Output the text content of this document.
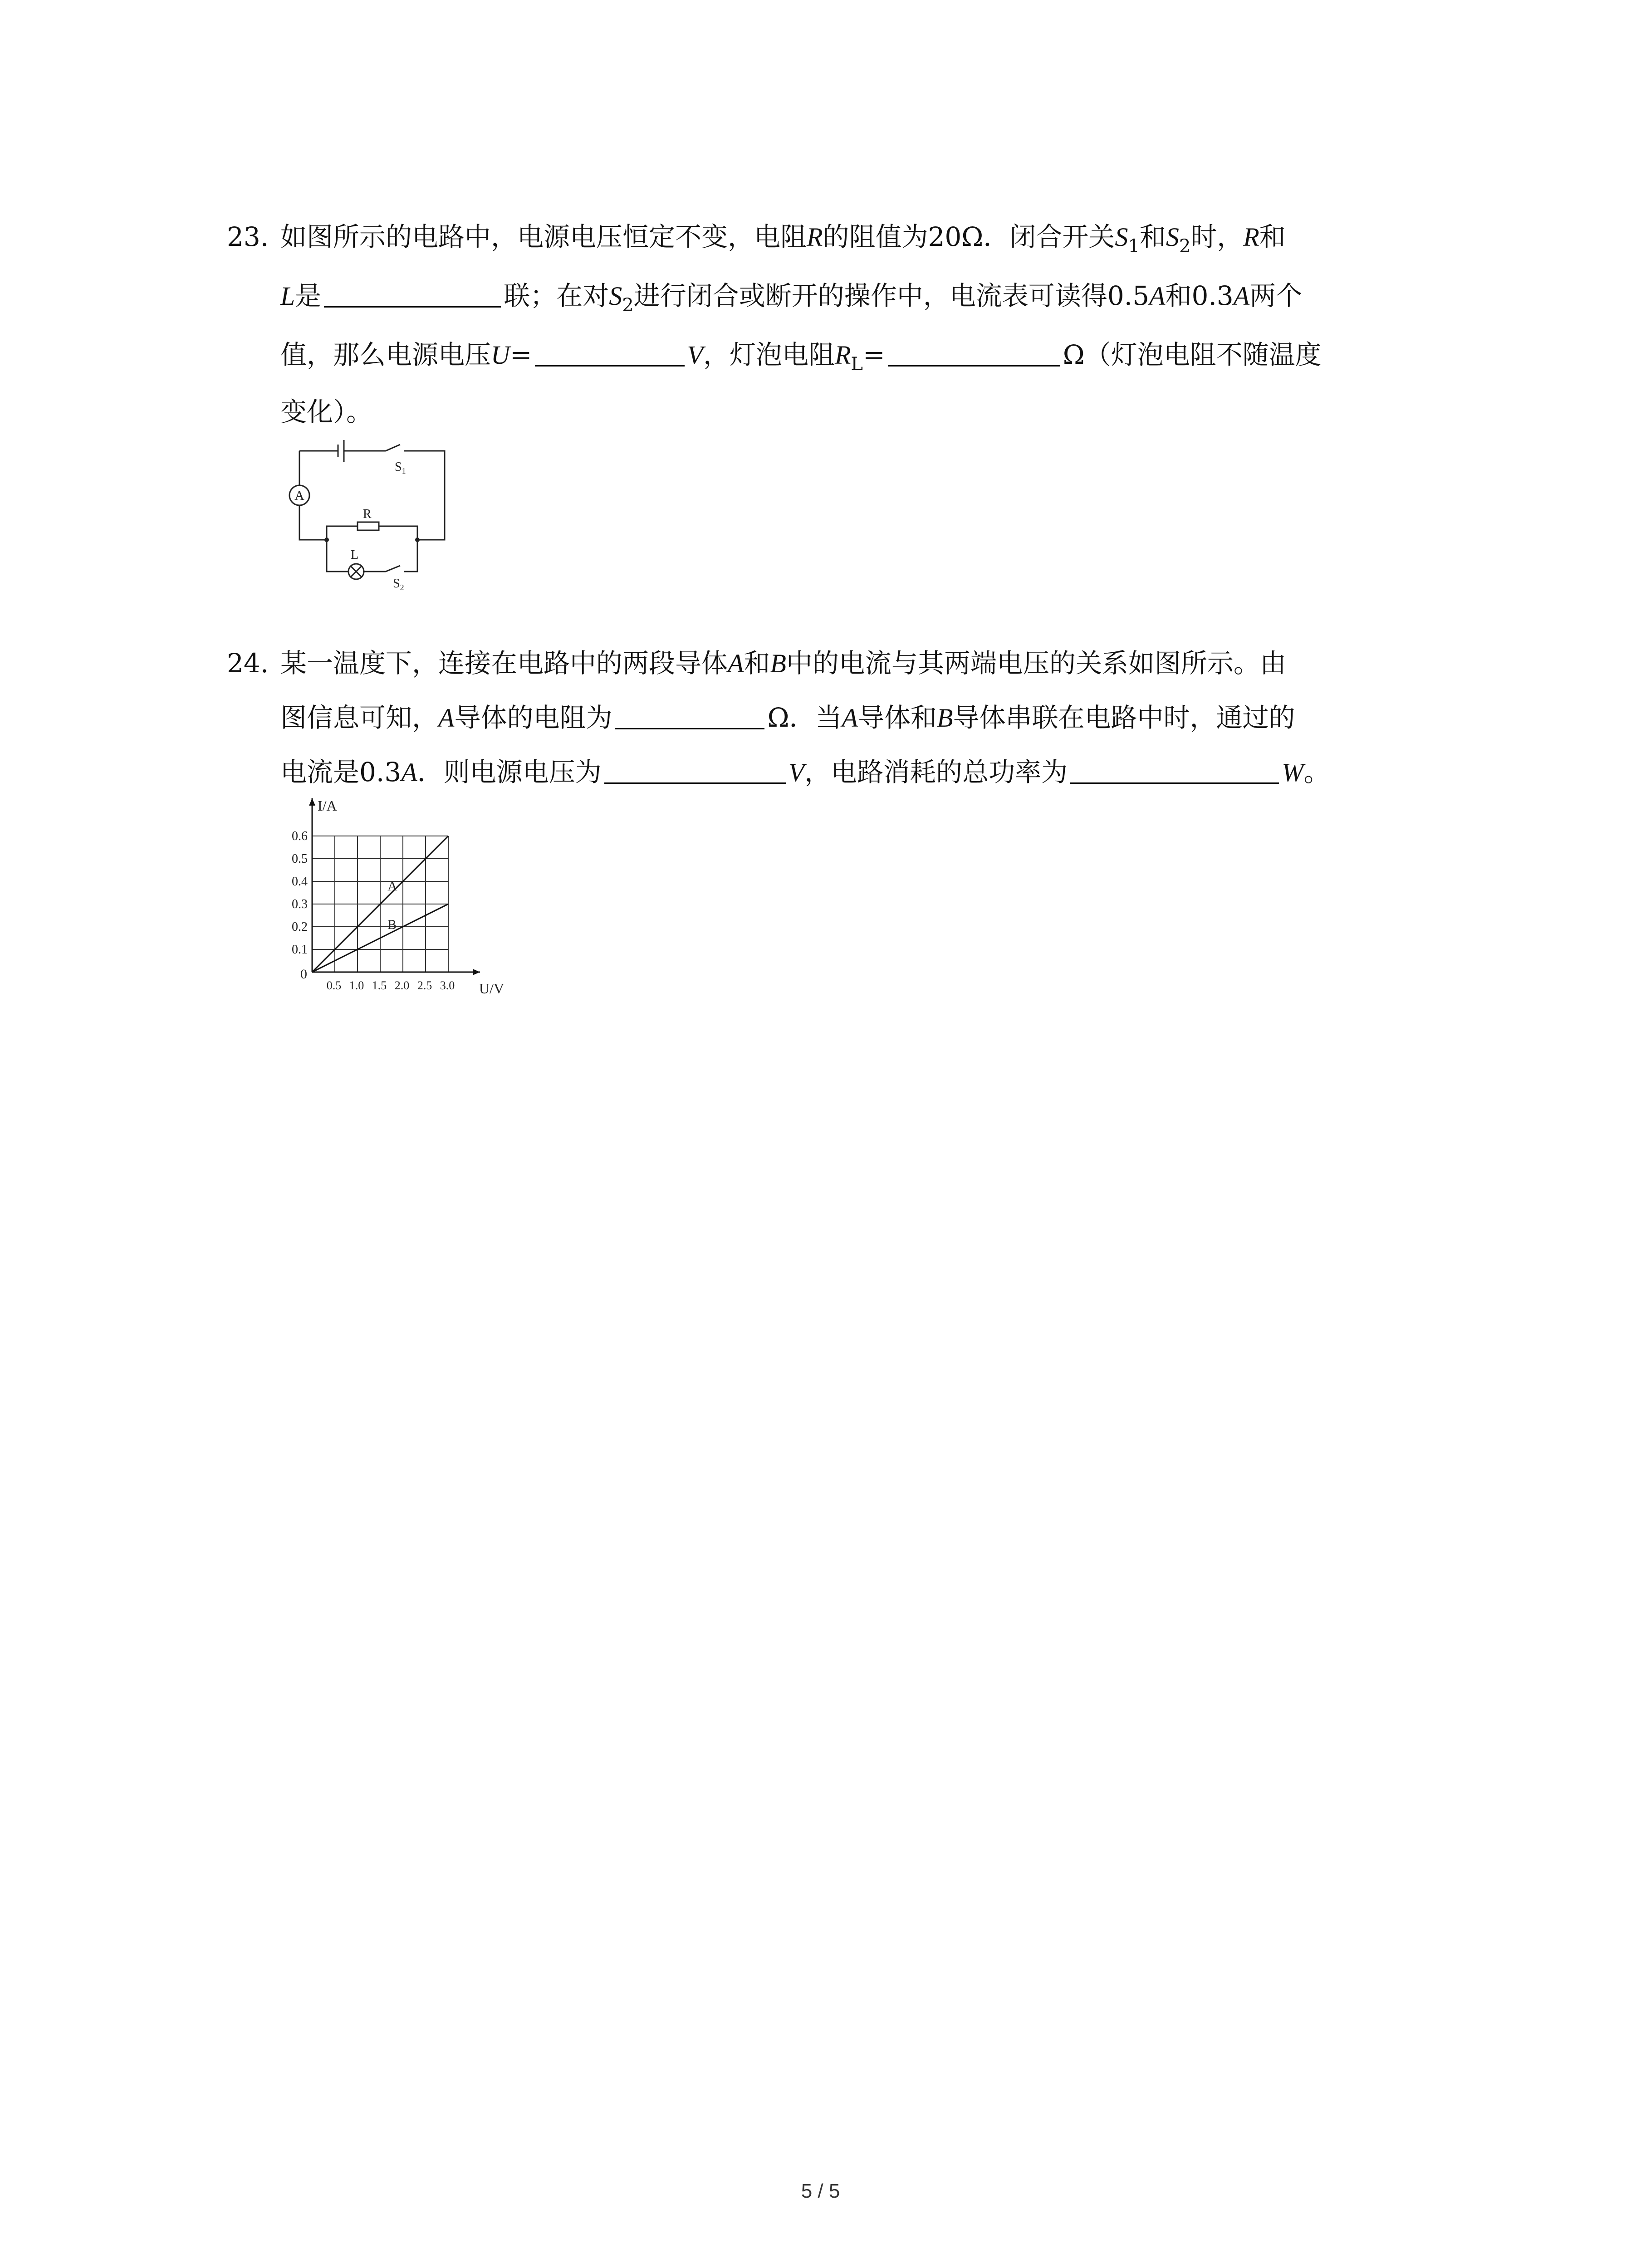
23. 如图所示的电路中，电源电压恒定不变，电阻R的阻值为20Ω．闭合开关$S_1$和$S_2$时，R和
L是	联；在对$S_2$进行闭合或断开的操作中，电流表可读得0.5A和0.3A两个
值，那么电源电压U=	V，灯泡电阻$R_L=$	Ω（灯泡电阻不随温度
变化）。
A
$S_1$
R
L
$S_2$
24. 某一温度下，连接在电路中的两段导体A和B中的电流与其两端电压的关系如图所示。由
图信息可知，A导体的电阻为	Ω．当A导体和B导体串联在电路中时，通过的
电流是0.3A．则电源电压为	V，电路消耗的总功率为	W。
I/A
U/V
0
0.5 1.0 1.5 2.0 2.5 3.0
0.6
0.5
0.4
0.3
0.2
0.1
A
B
5 / 5
